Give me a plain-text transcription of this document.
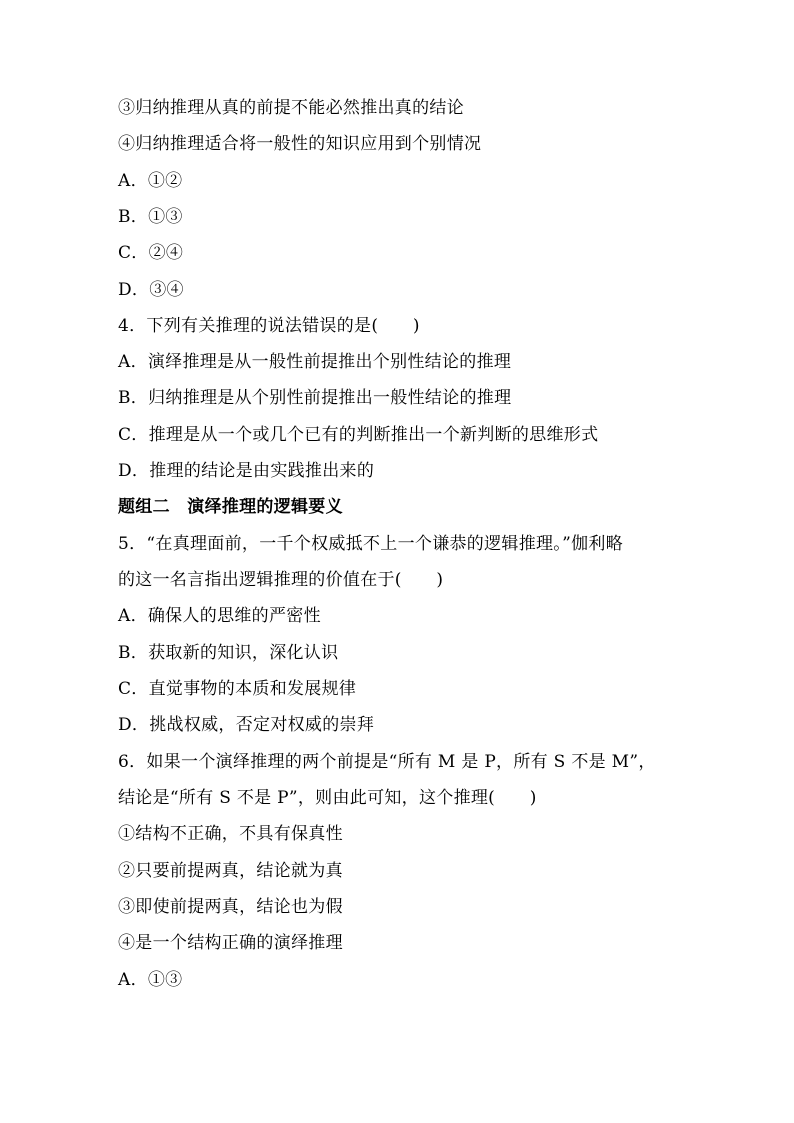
③归纳推理从真的前提不能必然推出真的结论
④归纳推理适合将一般性的知识应用到个别情况
A．①②
B．①③
C．②④
D．③④
4．下列有关推理的说法错误的是(　　)
A．演绎推理是从一般性前提推出个别性结论的推理
B．归纳推理是从个别性前提推出一般性结论的推理
C．推理是从一个或几个已有的判断推出一个新判断的思维形式
D．推理的结论是由实践推出来的
题组二　演绎推理的逻辑要义
5．“在真理面前，一千个权威抵不上一个谦恭的逻辑推理。”伽利略
的这一名言指出逻辑推理的价值在于(　　)
A．确保人的思维的严密性
B．获取新的知识，深化认识
C．直觉事物的本质和发展规律
D．挑战权威，否定对权威的崇拜
6．如果一个演绎推理的两个前提是“所有 M 是 P，所有 S 不是 M”，
结论是“所有 S 不是 P”，则由此可知，这个推理(　　)
①结构不正确，不具有保真性
②只要前提两真，结论就为真
③即使前提两真，结论也为假
④是一个结构正确的演绎推理
A．①③
